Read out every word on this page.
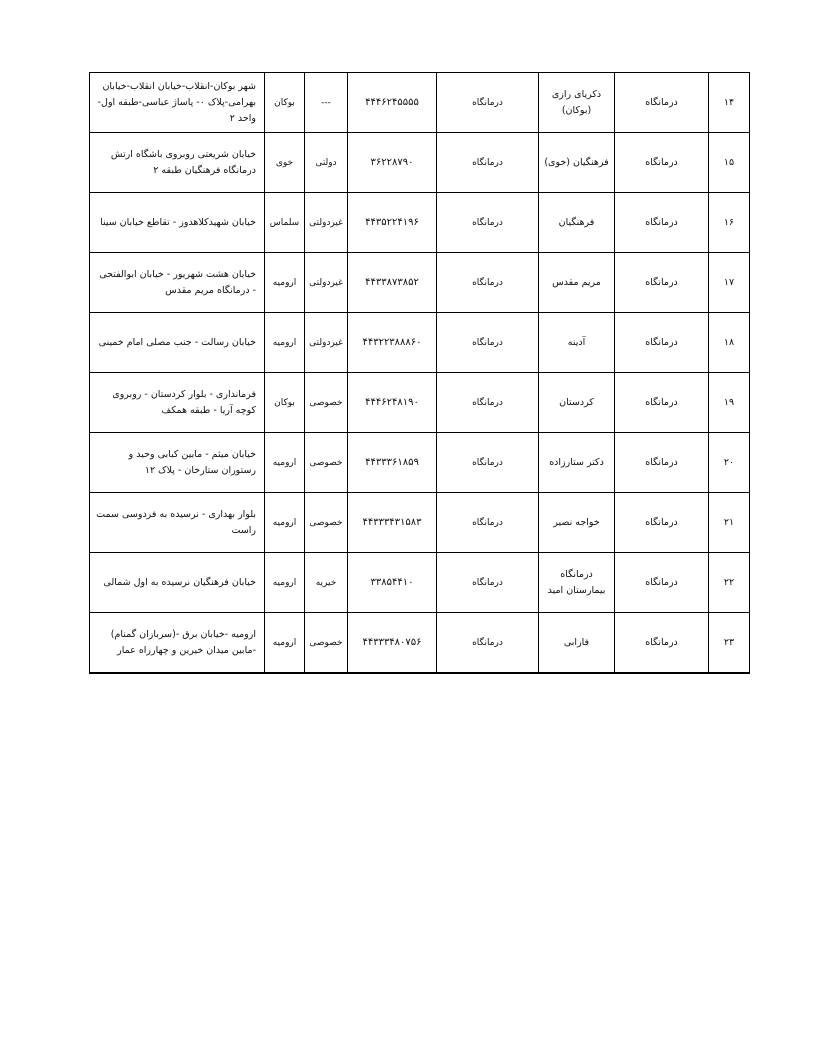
۱۴	درمانگاه	ذکریای رازی (بوکان)	درمانگاه	۴۴۴۶۲۴۵۵۵۵	---	بوکان	شهر بوکان-انقلاب-خیابان انقلاب-خیابان بهرامی-پلاک ۰- پاساژ عباسی-طبقه اول-واحد ۲
۱۵	درمانگاه	فرهنگیان (خوی)	درمانگاه	۳۶۲۲۸۷۹۰	دولتی	خوی	خیابان شریعتی روبروی باشگاه ارتش درمانگاه فرهنگیان طبقه ۲
۱۶	درمانگاه	فرهنگیان	درمانگاه	۴۴۳۵۲۲۴۱۹۶	غیردولتی	سلماس	خیابان شهیدکلاهدوز - تقاطع خیابان سینا
۱۷	درمانگاه	مریم مقدس	درمانگاه	۴۴۳۳۸۷۳۸۵۲	غیردولتی	ارومیه	خیابان هشت شهریور - خیابان ابوالفتحی - درمانگاه مریم مقدس
۱۸	درمانگاه	آدینه	درمانگاه	۴۴۳۲۲۳۸۸۸۶۰	غیردولتی	ارومیه	خیابان رسالت - جنب مصلی امام خمینی
۱۹	درمانگاه	کردستان	درمانگاه	۴۴۴۶۲۴۸۱۹۰	خصوصی	بوکان	فرمانداری - بلوار کردستان - روبروی کوچه آریا - طبقه همکف
۲۰	درمانگاه	دکتر ستارزاده	درمانگاه	۴۴۳۳۳۶۱۸۵۹	خصوصی	ارومیه	خیابان میثم - مابین کبابی وحید و رستوران ستارخان - پلاک ۱۲
۲۱	درمانگاه	خواجه نصیر	درمانگاه	۴۴۳۳۳۴۳۱۵۸۳	خصوصی	ارومیه	بلوار بهداری - نرسیده به فردوسی سمت راست
۲۲	درمانگاه	درمانگاه بیمارستان امید	درمانگاه	۳۳۸۵۴۴۱۰	خیریه	ارومیه	خیابان فرهنگیان نرسیده به اول شمالی
۲۳	درمانگاه	فارابی	درمانگاه	۴۴۳۳۳۴۸۰۷۵۶	خصوصی	ارومیه	ارومیه -خیابان برق -(سربازان گمنام) -مابین میدان خیرین و چهارراه عمار
